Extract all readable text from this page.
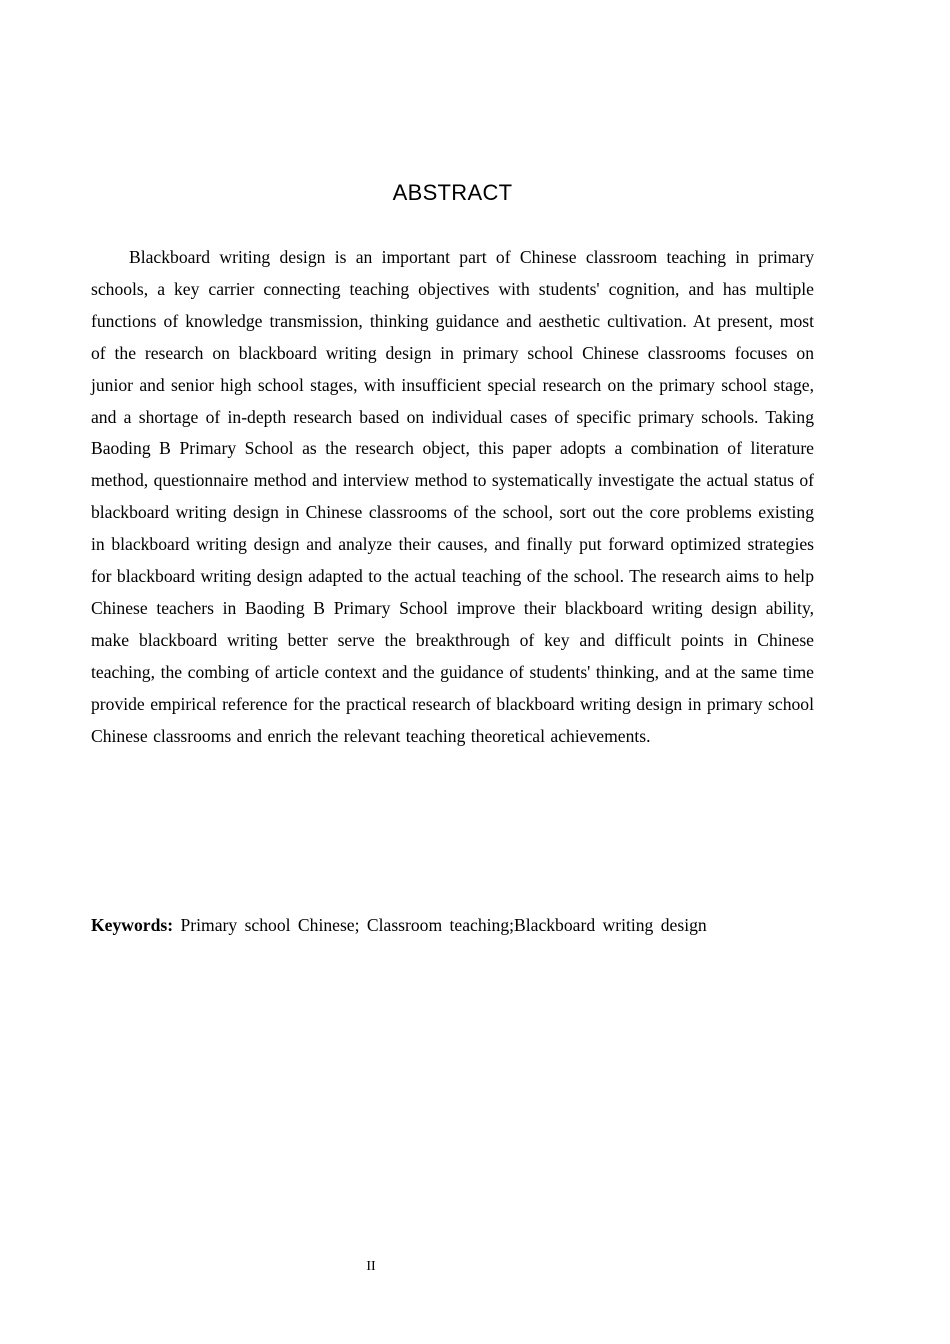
ABSTRACT

Blackboard writing design is an important part of Chinese classroom teaching in primary schools, a key carrier connecting teaching objectives with students' cognition, and has multiple functions of knowledge transmission, thinking guidance and aesthetic cultivation. At present, most of the research on blackboard writing design in primary school Chinese classrooms focuses on junior and senior high school stages, with insufficient special research on the primary school stage, and a shortage of in-depth research based on individual cases of specific primary schools. Taking Baoding B Primary School as the research object, this paper adopts a combination of literature method, questionnaire method and interview method to systematically investigate the actual status of blackboard writing design in Chinese classrooms of the school, sort out the core problems existing in blackboard writing design and analyze their causes, and finally put forward optimized strategies for blackboard writing design adapted to the actual teaching of the school. The research aims to help Chinese teachers in Baoding B Primary School improve their blackboard writing design ability, make blackboard writing better serve the breakthrough of key and difficult points in Chinese teaching, the combing of article context and the guidance of students' thinking, and at the same time provide empirical reference for the practical research of blackboard writing design in primary school Chinese classrooms and enrich the relevant teaching theoretical achievements.

Keywords: Primary school Chinese; Classroom teaching;Blackboard writing design

II
